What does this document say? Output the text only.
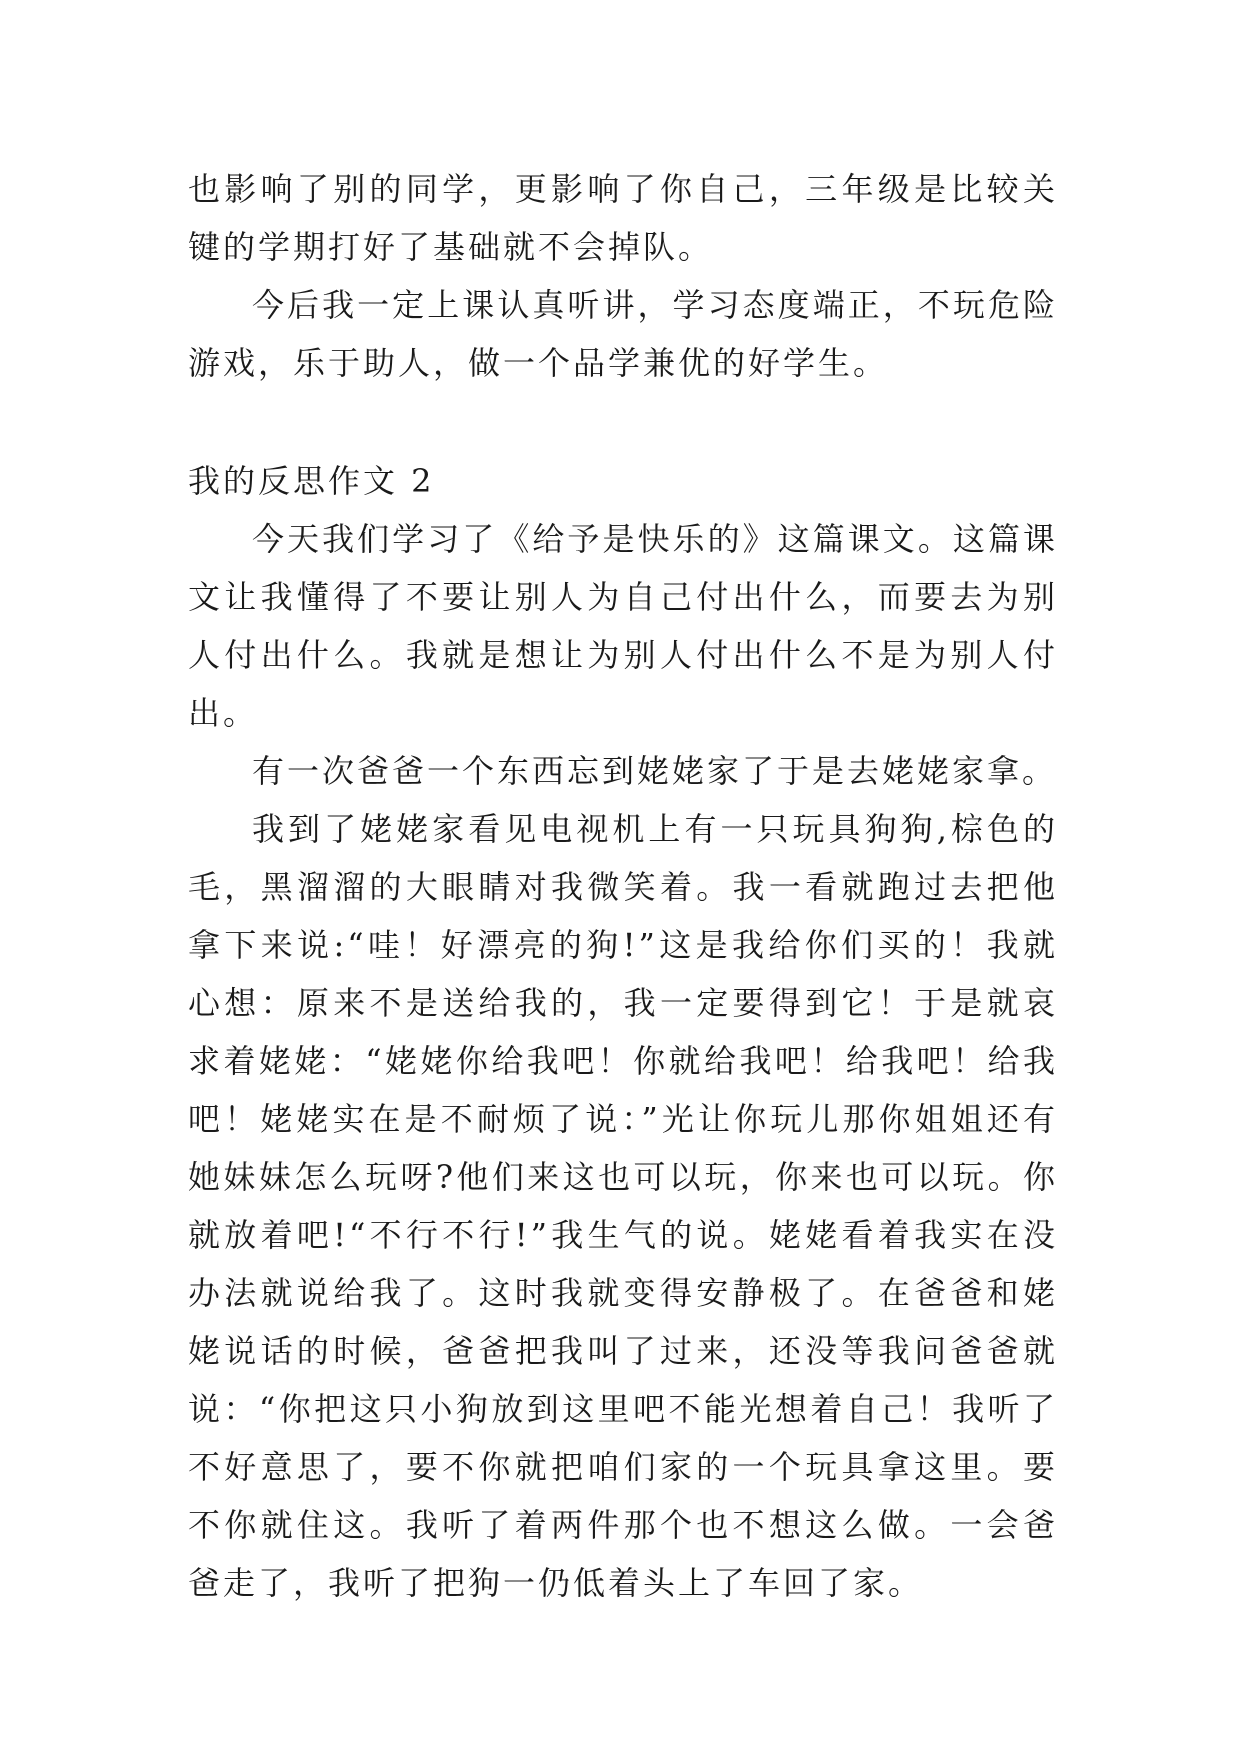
也影响了别的同学，更影响了你自己，三年级是比较关键的学期打好了基础就不会掉队。

今后我一定上课认真听讲，学习态度端正，不玩危险游戏，乐于助人，做一个品学兼优的好学生。

我的反思作文 2

今天我们学习了《给予是快乐的》这篇课文。这篇课文让我懂得了不要让别人为自己付出什么，而要去为别人付出什么。我就是想让为别人付出什么不是为别人付出。

有一次爸爸一个东西忘到姥姥家了于是去姥姥家拿。

我到了姥姥家看见电视机上有一只玩具狗狗,棕色的毛，黑溜溜的大眼睛对我微笑着。我一看就跑过去把他拿下来说:“哇！好漂亮的狗!”这是我给你们买的！我就心想：原来不是送给我的，我一定要得到它！于是就哀求着姥姥：“姥姥你给我吧！你就给我吧！给我吧！给我吧！姥姥实在是不耐烦了说：”光让你玩儿那你姐姐还有她妹妹怎么玩呀?他们来这也可以玩，你来也可以玩。你就放着吧!“不行不行!”我生气的说。姥姥看着我实在没办法就说给我了。这时我就变得安静极了。在爸爸和姥姥说话的时候，爸爸把我叫了过来，还没等我问爸爸就说：“你把这只小狗放到这里吧不能光想着自己！我听了不好意思了，要不你就把咱们家的一个玩具拿这里。要不你就住这。我听了着两件那个也不想这么做。一会爸爸走了，我听了把狗一仍低着头上了车回了家。
